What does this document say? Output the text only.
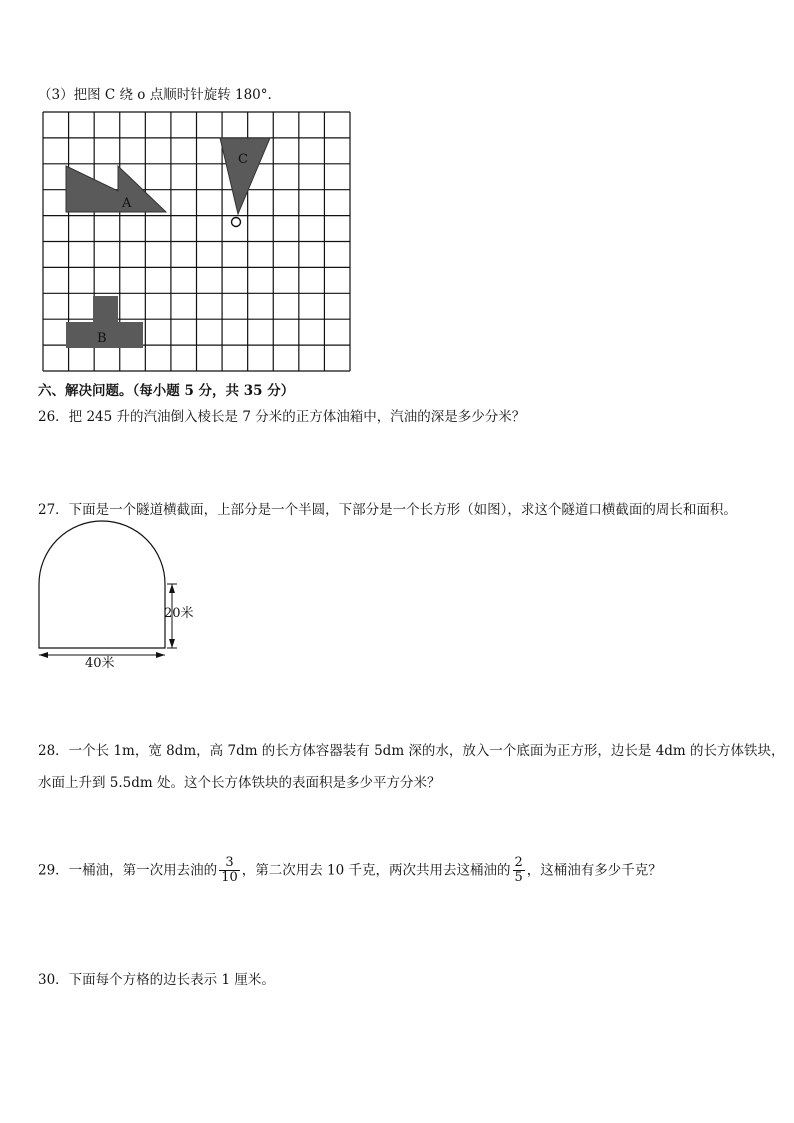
（3）把图 C 绕 o 点顺时针旋转 180°.
A
B
C
六、解决问题。（每小题 5 分，共 35 分）
26．把 245 升的汽油倒入棱长是 7 分米的正方体油箱中，汽油的深是多少分米？
27．下面是一个隧道横截面，上部分是一个半圆，下部分是一个长方形（如图），求这个隧道口横截面的周长和面积。
20米
40米
28．一个长 1m，宽 8dm，高 7dm 的长方体容器装有 5dm 深的水，放入一个底面为正方形，边长是 4dm 的长方体铁块，
水面上升到 5.5dm 处。这个长方体铁块的表面积是多少平方分米？
29．一桶油，第一次用去油的 $\frac{3}{10}$ ，第二次用去 10 千克，两次共用去这桶油的 $\frac{2}{5}$ ，这桶油有多少千克？
30．下面每个方格的边长表示 1 厘米。
